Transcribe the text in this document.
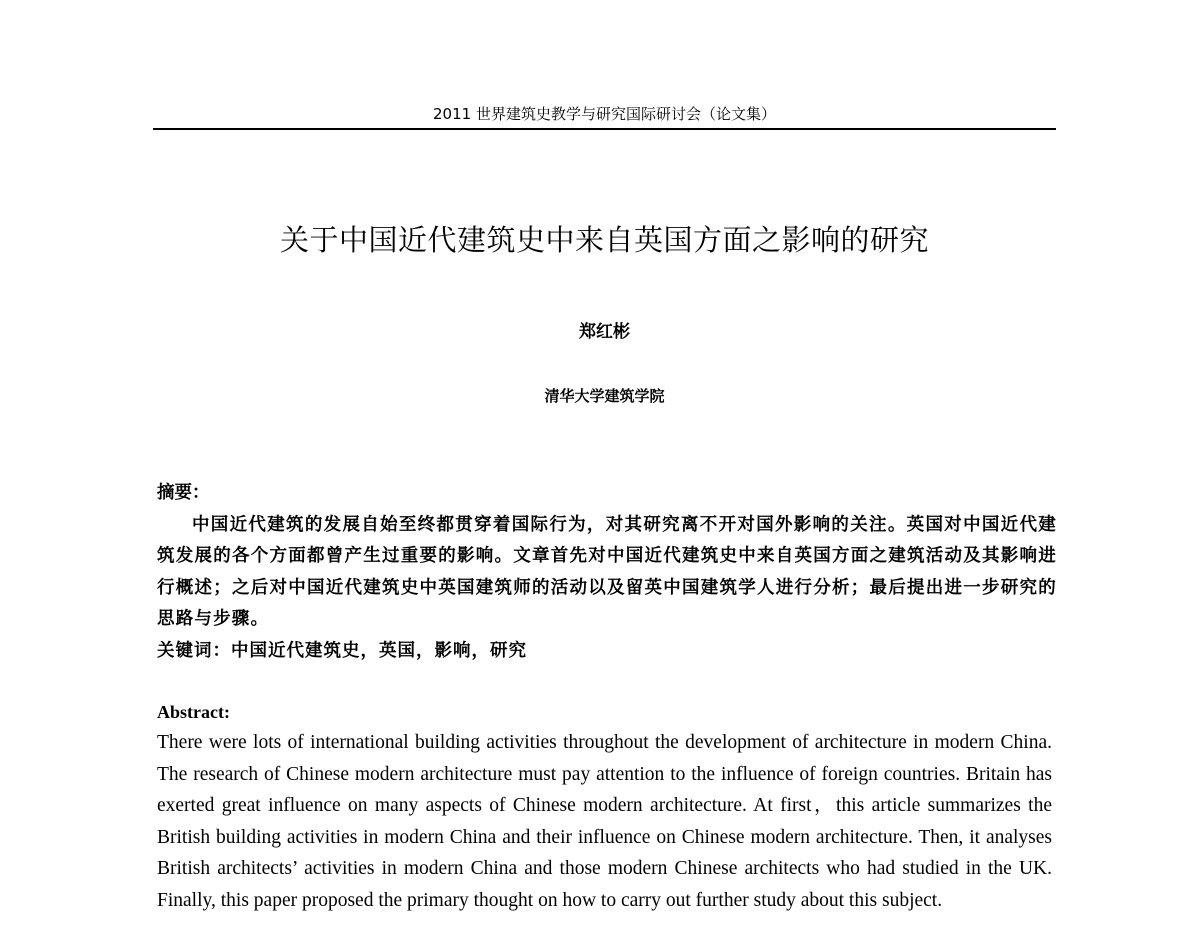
2011 世界建筑史教学与研究国际研讨会（论文集）
关于中国近代建筑史中来自英国方面之影响的研究
郑红彬
清华大学建筑学院
摘要：
中国近代建筑的发展自始至终都贯穿着国际行为，对其研究离不开对国外影响的关注。英国对中国近代建筑发展的各个方面都曾产生过重要的影响。文章首先对中国近代建筑史中来自英国方面之建筑活动及其影响进行概述；之后对中国近代建筑史中英国建筑师的活动以及留英中国建筑学人进行分析；最后提出进一步研究的思路与步骤。
关键词：中国近代建筑史，英国，影响，研究
Abstract:
There were lots of international building activities throughout the development of architecture in modern China. The research of Chinese modern architecture must pay attention to the influence of foreign countries. Britain has exerted great influence on many aspects of Chinese modern architecture. At first，this article summarizes the British building activities in modern China and their influence on Chinese modern architecture. Then, it analyses British architects’ activities in modern China and those modern Chinese architects who had studied in the UK. Finally, this paper proposed the primary thought on how to carry out further study about this subject.
